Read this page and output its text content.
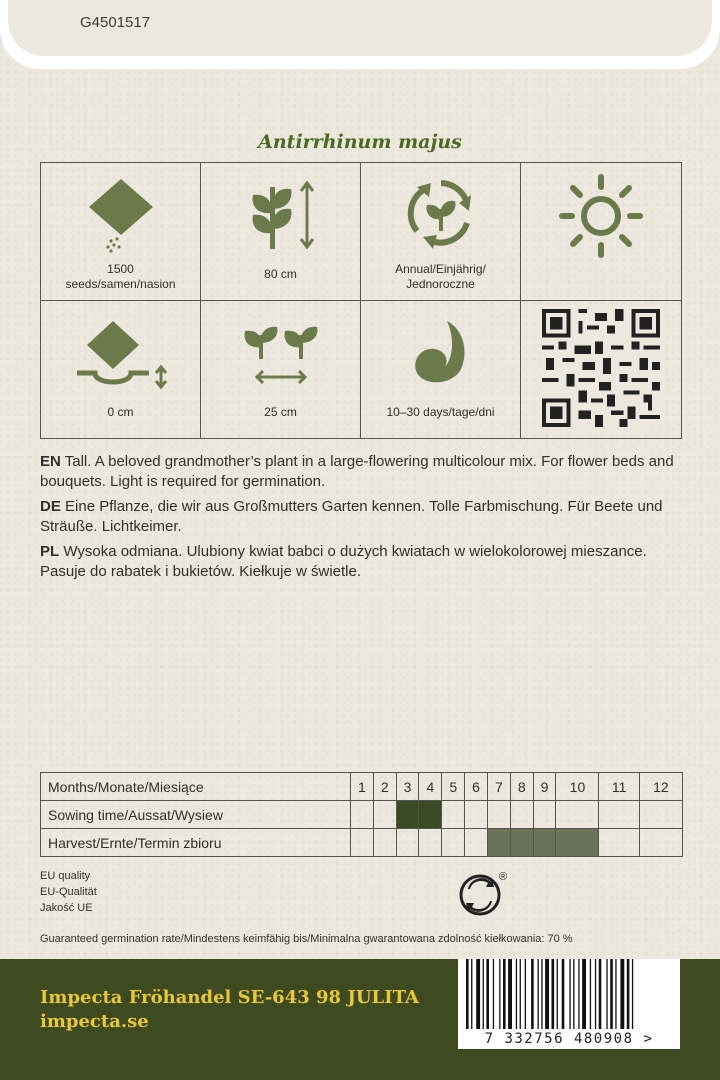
G4501517
Antirrhinum majus
1500
seeds/samen/nasion
80 cm	Annual/Einjährig/
Jednoroczne
0 cm	25 cm	10–30 days/tage/dni

EN Tall. A beloved grandmother’s plant in a large-flowering multicolour mix. For flower beds and bouquets. Light is required for germination.

DE Eine Pflanze, die wir aus Großmutters Garten kennen. Tolle Farbmischung. Für Beete und Sträuße. Lichtkeimer.

PL Wysoka odmiana. Ulubiony kwiat babci o dużych kwiatach w wielokolorowej mieszance. Pasuje do rabatek i bukietów. Kiełkuje w świetle.

Months/Monate/Miesiące	1	2	3	4	5	6	7	8	9	10	11	12
Sowing time/Aussat/Wysiew												
Harvest/Ernte/Termin zbioru												
EU quality
EU-Qualität
Jakość UE
®
Guaranteed germination rate/Mindestens keimfähig bis/Minimalna gwarantowana zdolność kiełkowania: 70 %
Impecta Fröhandel SE-643 98 JULITA
impecta.se
7 332756 480908 >
